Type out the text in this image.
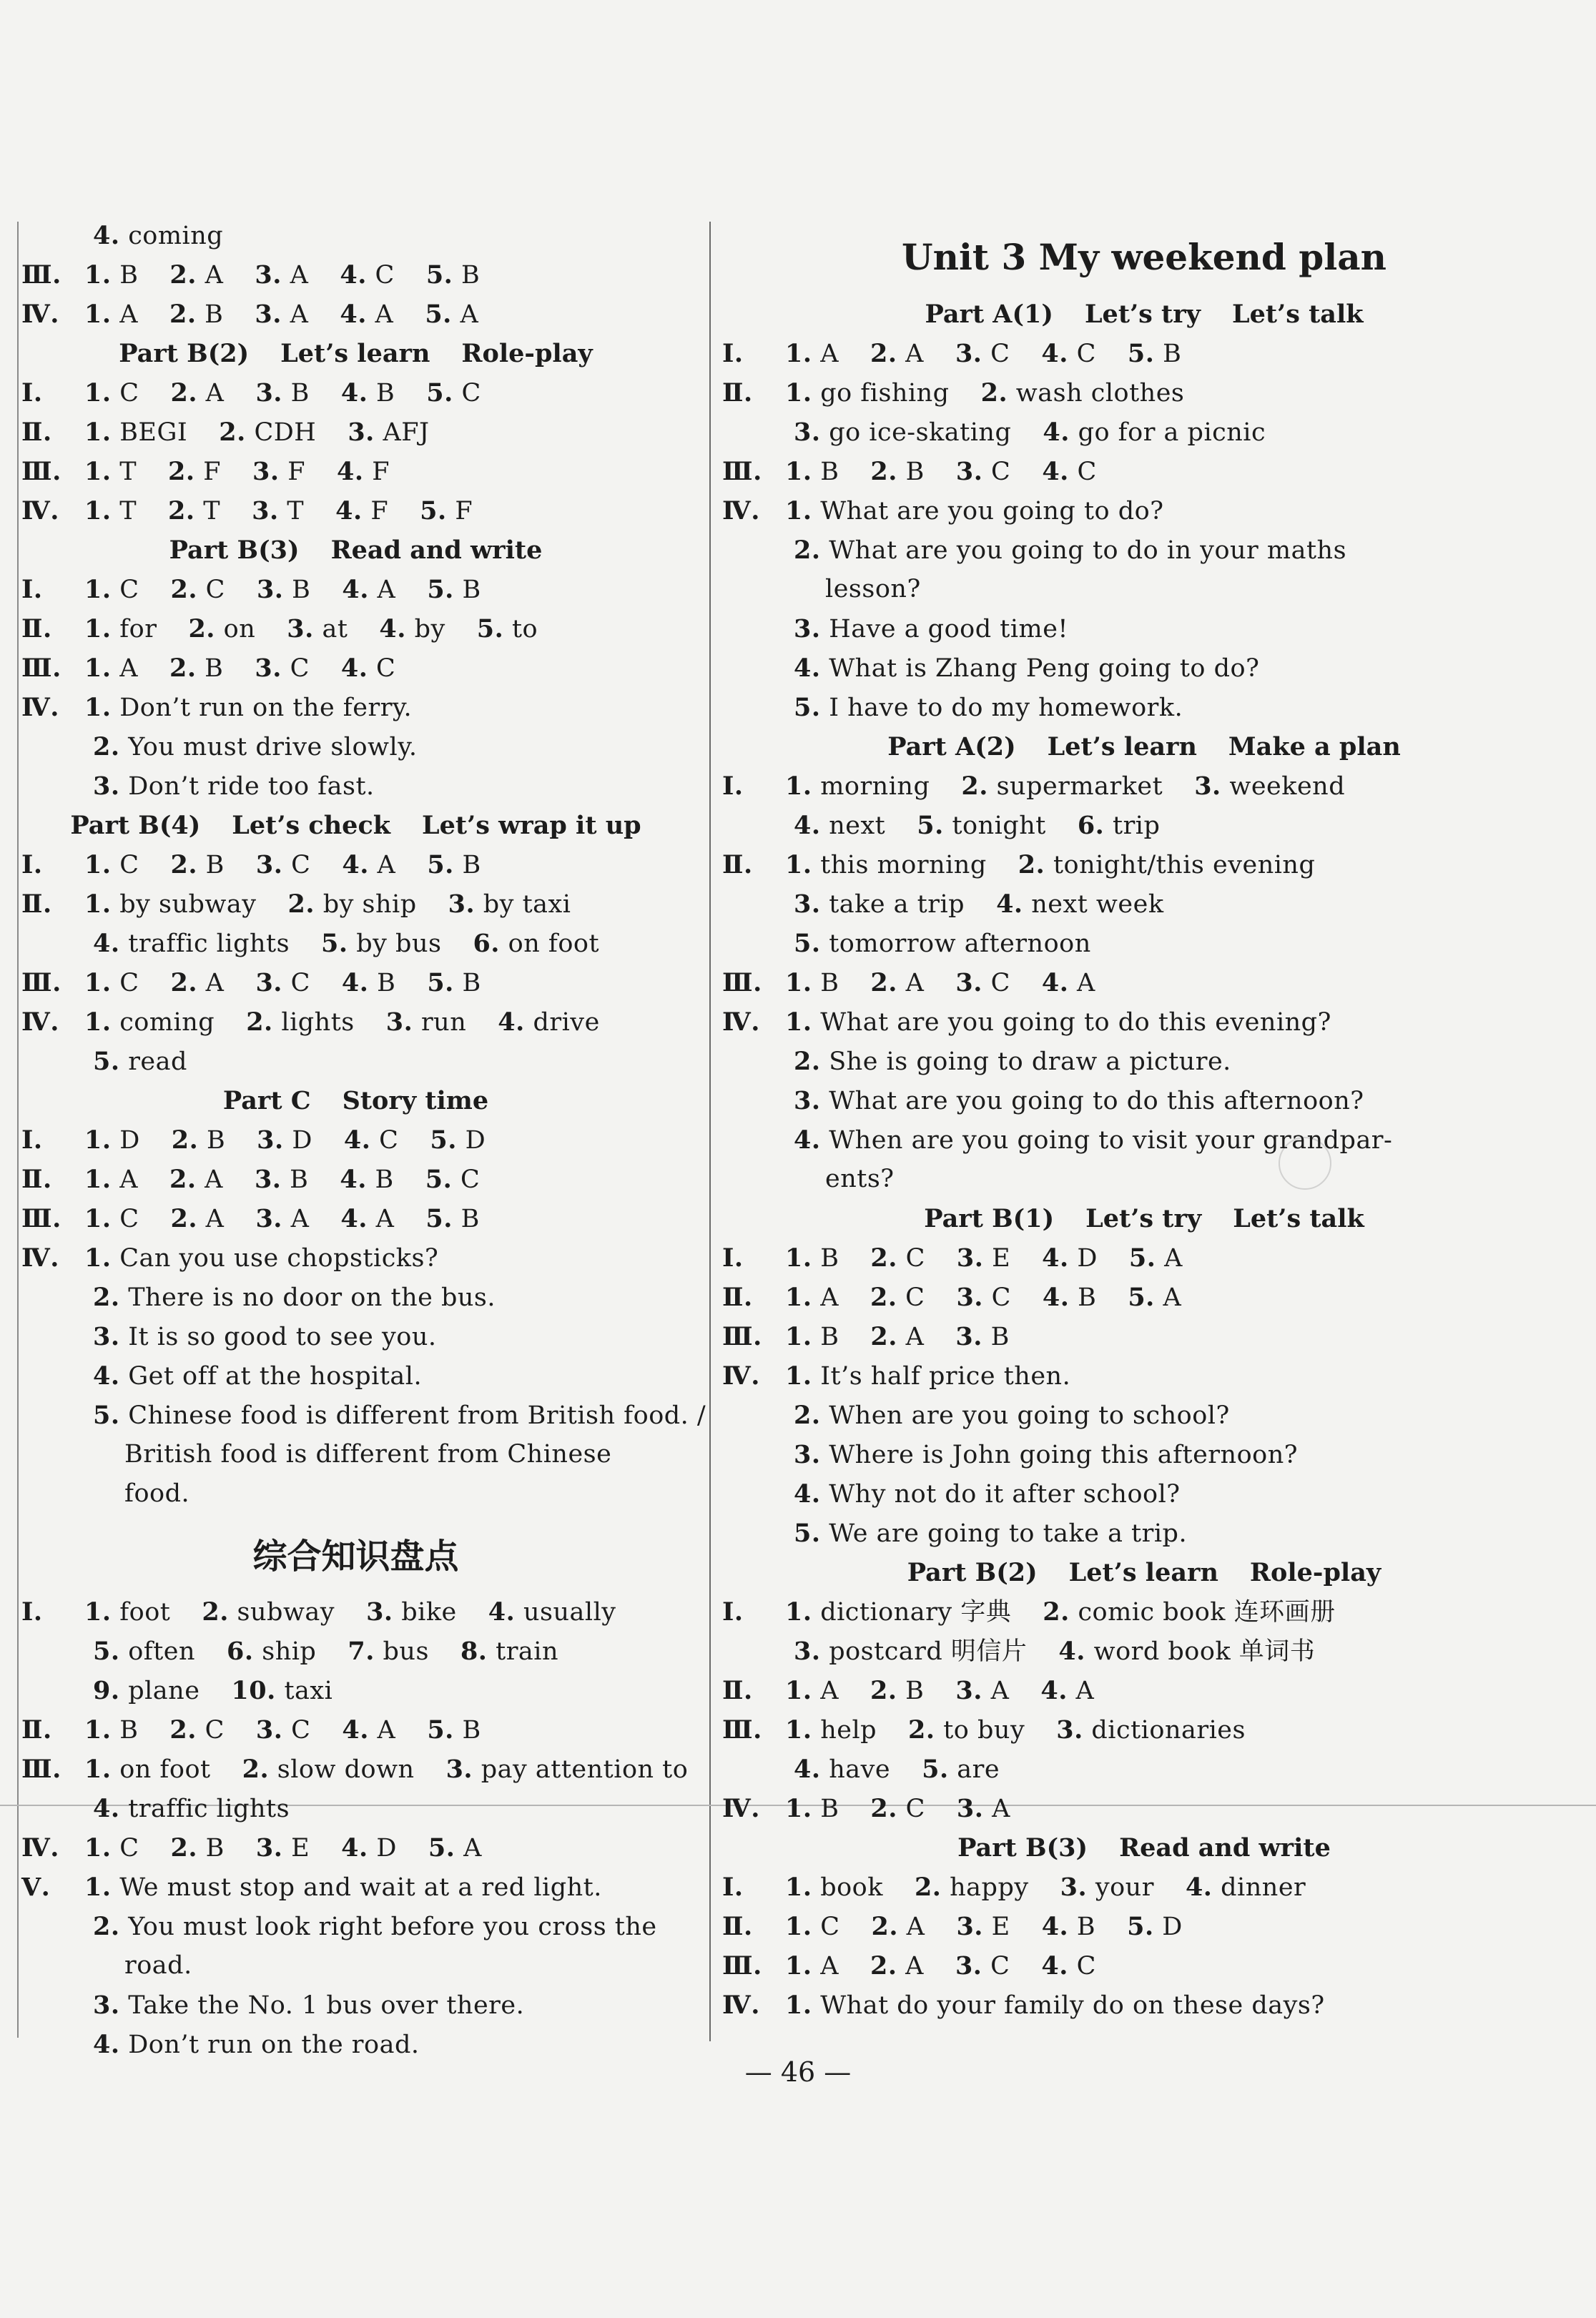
4. coming
Ⅲ. 1. B 2. A 3. A 4. C 5. B
Ⅳ. 1. A 2. B 3. A 4. A 5. A
Part B(2) Let’s learn Role-play
Ⅰ. 1. C 2. A 3. B 4. B 5. C
Ⅱ. 1. BEGI 2. CDH 3. AFJ
Ⅲ. 1. T 2. F 3. F 4. F
Ⅳ. 1. T 2. T 3. T 4. F 5. F
Part B(3) Read and write
Ⅰ. 1. C 2. C 3. B 4. A 5. B
Ⅱ. 1. for 2. on 3. at 4. by 5. to
Ⅲ. 1. A 2. B 3. C 4. C
Ⅳ. 1. Don’t run on the ferry.
2. You must drive slowly.
3. Don’t ride too fast.
Part B(4) Let’s check Let’s wrap it up
Ⅰ. 1. C 2. B 3. C 4. A 5. B
Ⅱ. 1. by subway 2. by ship 3. by taxi
4. traffic lights 5. by bus 6. on foot
Ⅲ. 1. C 2. A 3. C 4. B 5. B
Ⅳ. 1. coming 2. lights 3. run 4. drive
5. read
Part C Story time
Ⅰ. 1. D 2. B 3. D 4. C 5. D
Ⅱ. 1. A 2. A 3. B 4. B 5. C
Ⅲ. 1. C 2. A 3. A 4. A 5. B
Ⅳ. 1. Can you use chopsticks?
2. There is no door on the bus.
3. It is so good to see you.
4. Get off at the hospital.
5. Chinese food is different from British food. /
British food is different from Chinese
food.
综合知识盘点
Ⅰ. 1. foot 2. subway 3. bike 4. usually
5. often 6. ship 7. bus 8. train
9. plane 10. taxi
Ⅱ. 1. B 2. C 3. C 4. A 5. B
Ⅲ. 1. on foot 2. slow down 3. pay attention to
4. traffic lights
Ⅳ. 1. C 2. B 3. E 4. D 5. A
Ⅴ. 1. We must stop and wait at a red light.
2. You must look right before you cross the
road.
3. Take the No. 1 bus over there.
4. Don’t run on the road.
Unit 3 My weekend plan
Part A(1) Let’s try Let’s talk
Ⅰ. 1. A 2. A 3. C 4. C 5. B
Ⅱ. 1. go fishing 2. wash clothes
3. go ice-skating 4. go for a picnic
Ⅲ. 1. B 2. B 3. C 4. C
Ⅳ. 1. What are you going to do?
2. What are you going to do in your maths
lesson?
3. Have a good time!
4. What is Zhang Peng going to do?
5. I have to do my homework.
Part A(2) Let’s learn Make a plan
Ⅰ. 1. morning 2. supermarket 3. weekend
4. next 5. tonight 6. trip
Ⅱ. 1. this morning 2. tonight/this evening
3. take a trip 4. next week
5. tomorrow afternoon
Ⅲ. 1. B 2. A 3. C 4. A
Ⅳ. 1. What are you going to do this evening?
2. She is going to draw a picture.
3. What are you going to do this afternoon?
4. When are you going to visit your grandpar-
ents?
Part B(1) Let’s try Let’s talk
Ⅰ. 1. B 2. C 3. E 4. D 5. A
Ⅱ. 1. A 2. C 3. C 4. B 5. A
Ⅲ. 1. B 2. A 3. B
Ⅳ. 1. It’s half price then.
2. When are you going to school?
3. Where is John going this afternoon?
4. Why not do it after school?
5. We are going to take a trip.
Part B(2) Let’s learn Role-play
Ⅰ. 1. dictionary 字典 2. comic book 连环画册
3. postcard 明信片 4. word book 单词书
Ⅱ. 1. A 2. B 3. A 4. A
Ⅲ. 1. help 2. to buy 3. dictionaries
4. have 5. are
Ⅳ. 1. B 2. C 3. A
Part B(3) Read and write
Ⅰ. 1. book 2. happy 3. your 4. dinner
Ⅱ. 1. C 2. A 3. E 4. B 5. D
Ⅲ. 1. A 2. A 3. C 4. C
Ⅳ. 1. What do your family do on these days?
— 46 —
